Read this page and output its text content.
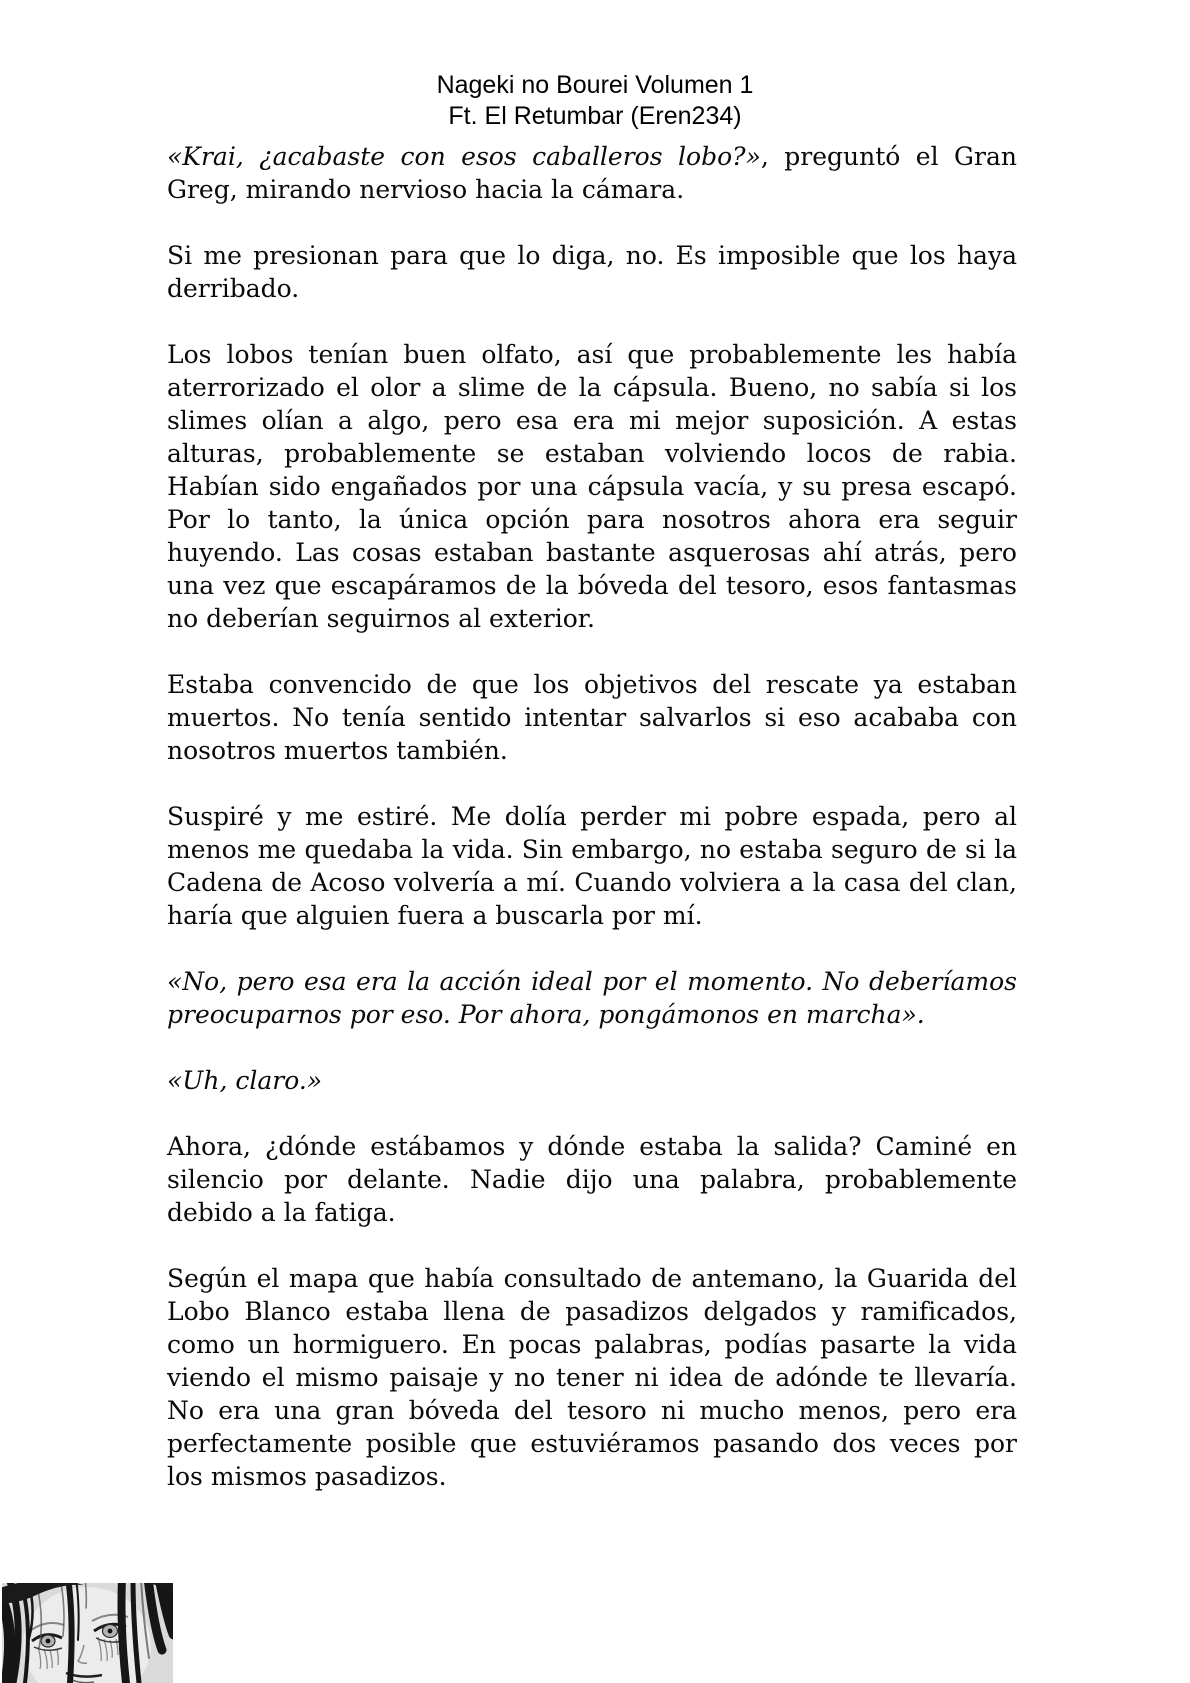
Nageki no Bourei Volumen 1
Ft. El Retumbar (Eren234)

«Krai, ¿acabaste con esos caballeros lobo?», preguntó el Gran Greg, mirando nervioso hacia la cámara.

Si me presionan para que lo diga, no. Es imposible que los haya derribado.

Los lobos tenían buen olfato, así que probablemente les había aterrorizado el olor a slime de la cápsula. Bueno, no sabía si los slimes olían a algo, pero esa era mi mejor suposición. A estas alturas, probablemente se estaban volviendo locos de rabia. Habían sido engañados por una cápsula vacía, y su presa escapó. Por lo tanto, la única opción para nosotros ahora era seguir huyendo. Las cosas estaban bastante asquerosas ahí atrás, pero una vez que escapáramos de la bóveda del tesoro, esos fantasmas no deberían seguirnos al exterior.

Estaba convencido de que los objetivos del rescate ya estaban muertos. No tenía sentido intentar salvarlos si eso acababa con nosotros muertos también.

Suspiré y me estiré. Me dolía perder mi pobre espada, pero al menos me quedaba la vida. Sin embargo, no estaba seguro de si la Cadena de Acoso volvería a mí. Cuando volviera a la casa del clan, haría que alguien fuera a buscarla por mí.

«No, pero esa era la acción ideal por el momento. No deberíamos preocuparnos por eso. Por ahora, pongámonos en marcha».

«Uh, claro.»

Ahora, ¿dónde estábamos y dónde estaba la salida? Caminé en silencio por delante. Nadie dijo una palabra, probablemente debido a la fatiga.

Según el mapa que había consultado de antemano, la Guarida del Lobo Blanco estaba llena de pasadizos delgados y ramificados, como un hormiguero. En pocas palabras, podías pasarte la vida viendo el mismo paisaje y no tener ni idea de adónde te llevaría. No era una gran bóveda del tesoro ni mucho menos, pero era perfectamente posible que estuviéramos pasando dos veces por los mismos pasadizos.
